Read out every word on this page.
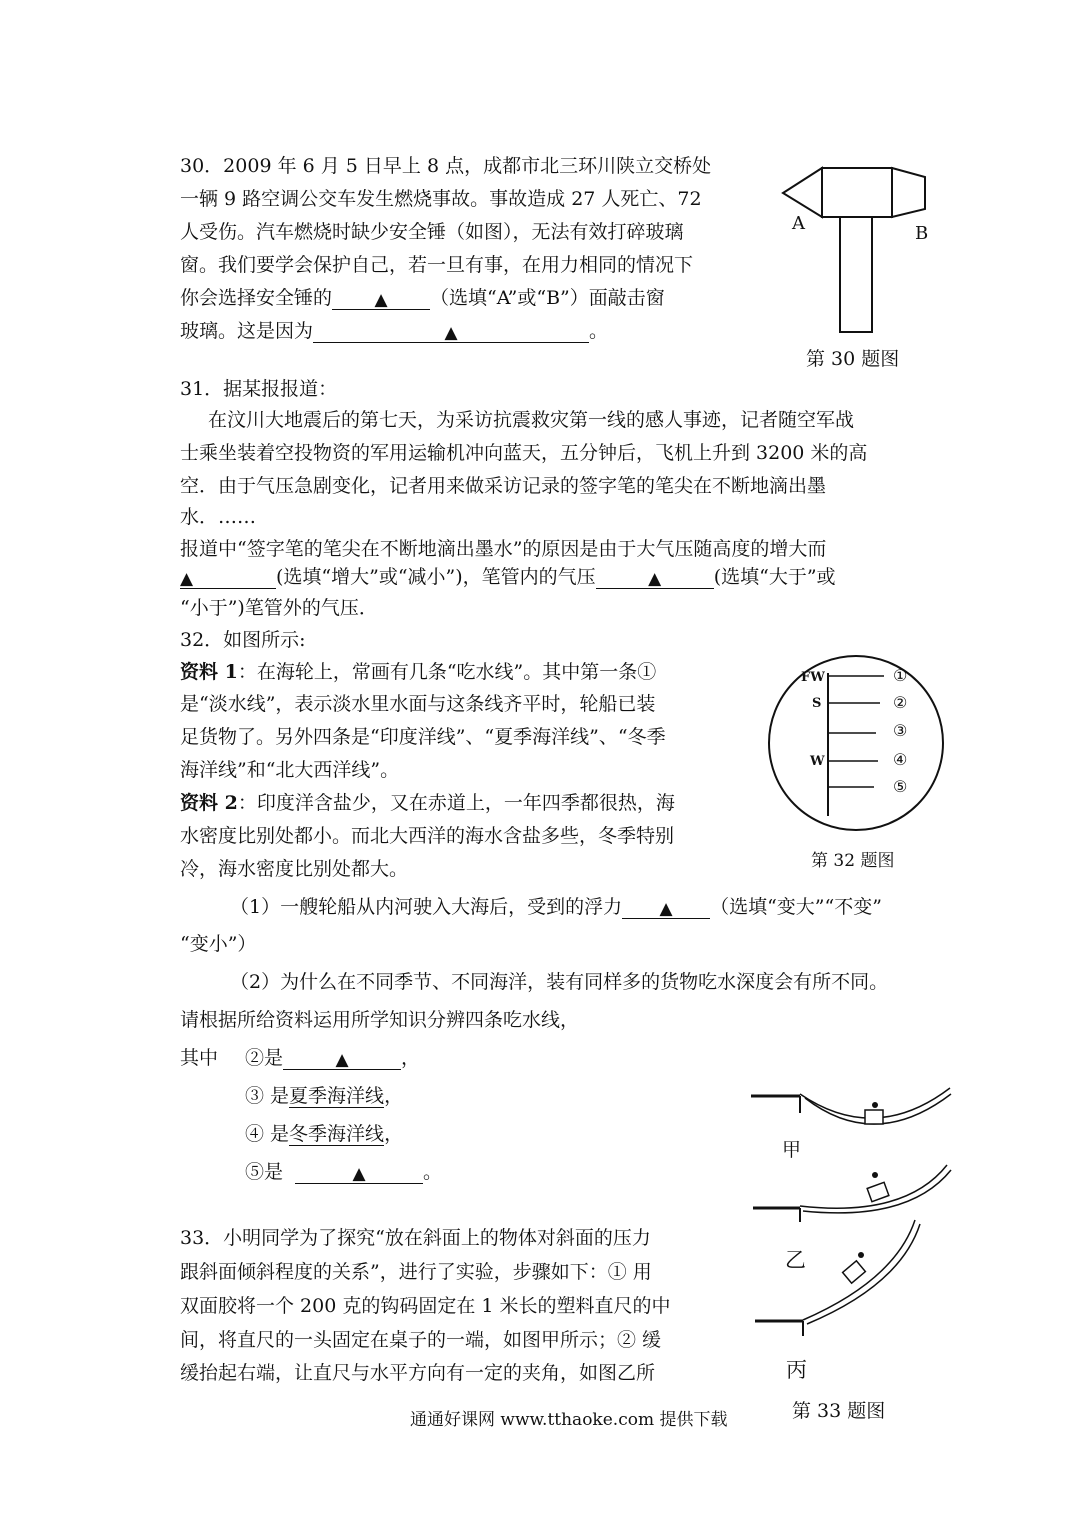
30．2009 年 6 月 5 日早上 8 点，成都市北三环川陕立交桥处
一辆 9 路空调公交车发生燃烧事故。事故造成 27 人死亡、72
人受伤。汽车燃烧时缺少安全锤（如图），无法有效打碎玻璃
窗。我们要学会保护自己，若一旦有事，在用力相同的情况下
你会选择安全锤的 ▲ （选填“A”或“B”）面敲击窗
玻璃。这是因为	▲	。
A	B
第 30 题图
31．据某报报道：
在汶川大地震后的第七天，为采访抗震救灾第一线的感人事迹，记者随空军战
士乘坐装着空投物资的军用运输机冲向蓝天，五分钟后，飞机上升到 3200 米的高
空．由于气压急剧变化，记者用来做采访记录的签字笔的笔尖在不断地滴出墨
水．……
报道中“签字笔的笔尖在不断地滴出墨水”的原因是由于大气压随高度的增大而
▲	(选填“增大”或“减小”)，笔管内的气压	▲	(选填“大于”或
“小于”)笔管外的气压．
32．如图所示:
资料 1：在海轮上，常画有几条“吃水线”。其中第一条①
是“淡水线”，表示淡水里水面与这条线齐平时，轮船已装
足货物了。另外四条是“印度洋线”、“夏季海洋线”、“冬季
海洋线”和“北大西洋线”。
资料 2：印度洋含盐少，又在赤道上，一年四季都很热，海
水密度比别处都小。而北大西洋的海水含盐多些，冬季特别
冷，海水密度比别处都大。
FW
S
W
①
②
③
④
⑤
第 32 题图
（1）一艘轮船从内河驶入大海后，受到的浮力 ▲ （选填“变大”“不变”
“变小”）
（2）为什么在不同季节、不同海洋，装有同样多的货物吃水深度会有所不同。
请根据所给资料运用所学知识分辨四条吃水线，
其中 ②是	▲	，
③ 是夏季海洋线，
④ 是冬季海洋线，
⑤是	▲	。
甲
乙
丙
第 33 题图
33．小明同学为了探究“放在斜面上的物体对斜面的压力
跟斜面倾斜程度的关系”，进行了实验，步骤如下：① 用
双面胶将一个 200 克的钩码固定在 1 米长的塑料直尺的中
间，将直尺的一头固定在桌子的一端，如图甲所示；② 缓
缓抬起右端，让直尺与水平方向有一定的夹角，如图乙所
通通好课网 www.tthaoke.com 提供下载
